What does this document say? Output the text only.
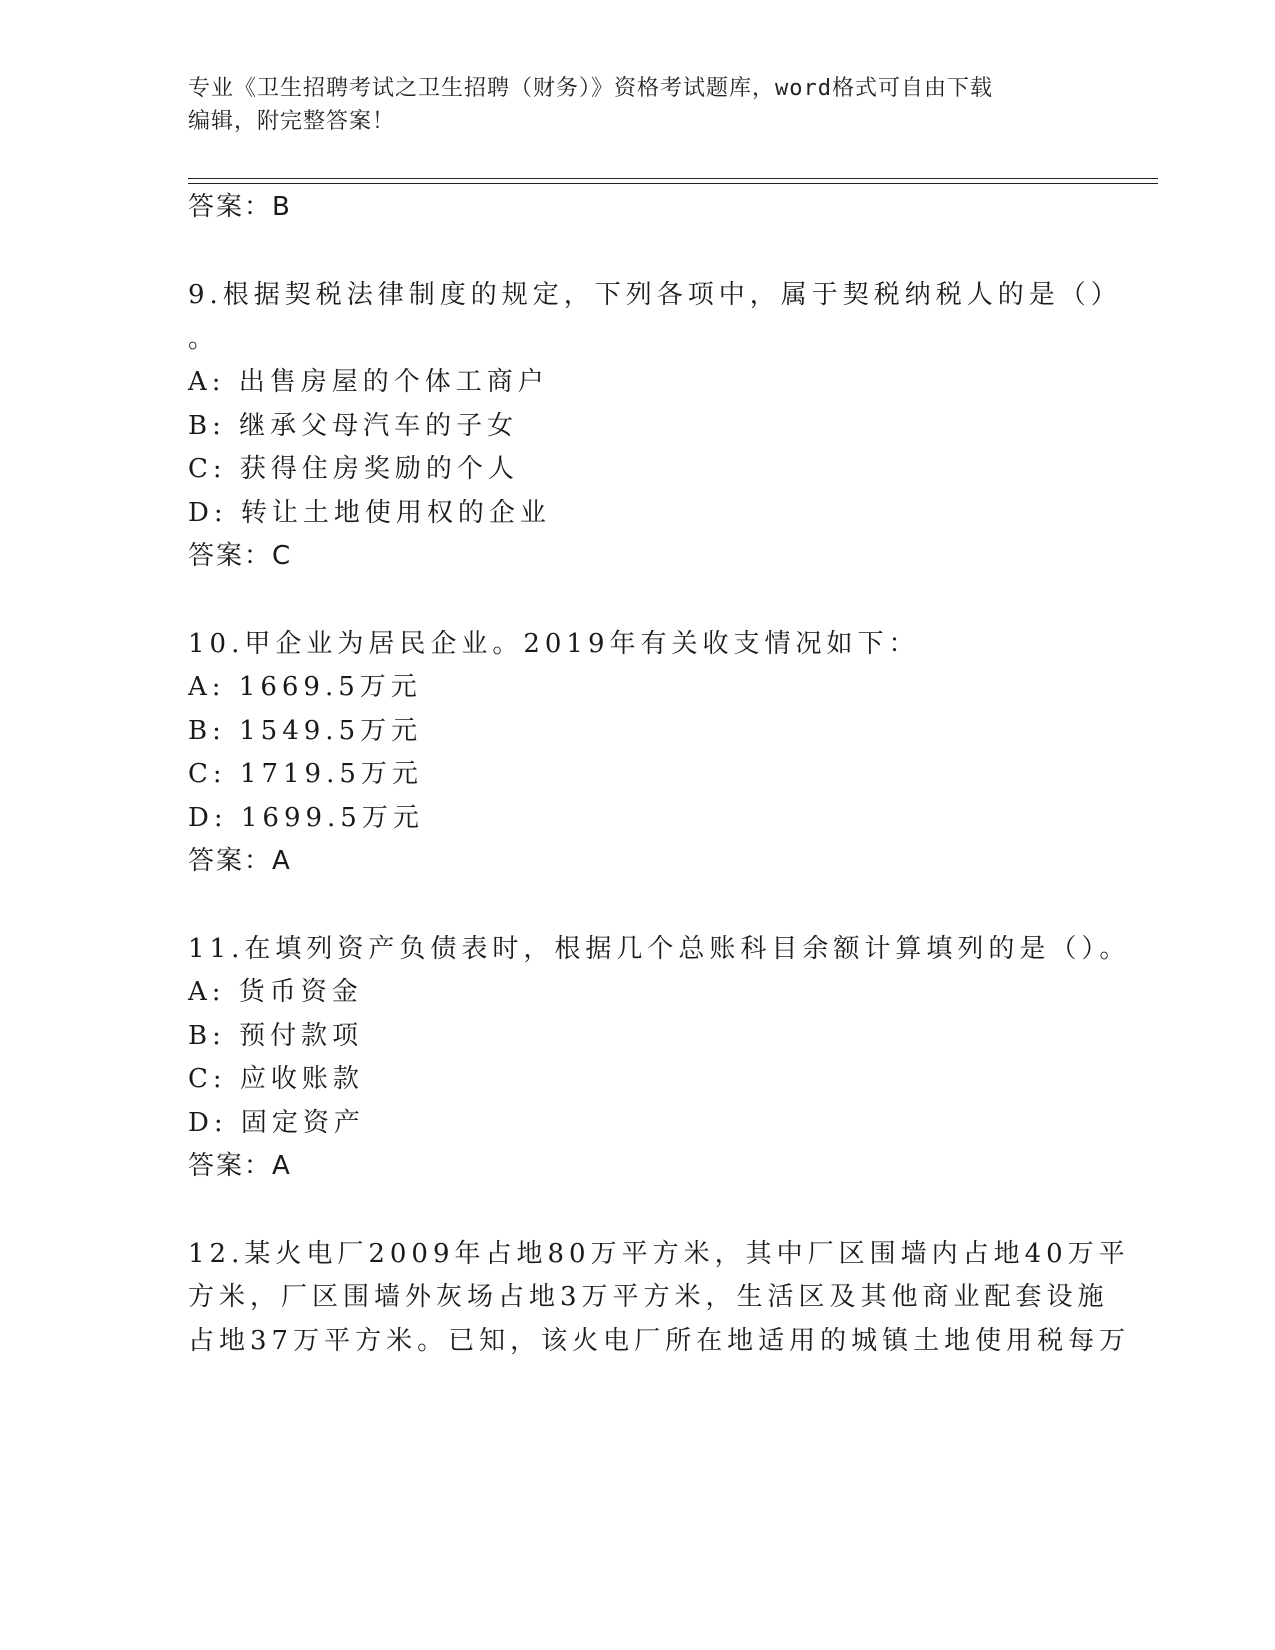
专业《卫生招聘考试之卫生招聘（财务）》资格考试题库，word格式可自由下载
编辑，附完整答案！
答案：B
9.根据契税法律制度的规定，下列各项中，属于契税纳税人的是（）
。
A: 出售房屋的个体工商户
B: 继承父母汽车的子女
C: 获得住房奖励的个人
D: 转让土地使用权的企业
答案：C
10.甲企业为居民企业。2019年有关收支情况如下：
A: 1669.5万元
B: 1549.5万元
C: 1719.5万元
D: 1699.5万元
答案：A
11.在填列资产负债表时，根据几个总账科目余额计算填列的是（）。
A: 货币资金
B: 预付款项
C: 应收账款
D: 固定资产
答案：A
12.某火电厂2009年占地80万平方米，其中厂区围墙内占地40万平
方米，厂区围墙外灰场占地3万平方米，生活区及其他商业配套设施
占地37万平方米。已知，该火电厂所在地适用的城镇土地使用税每万
